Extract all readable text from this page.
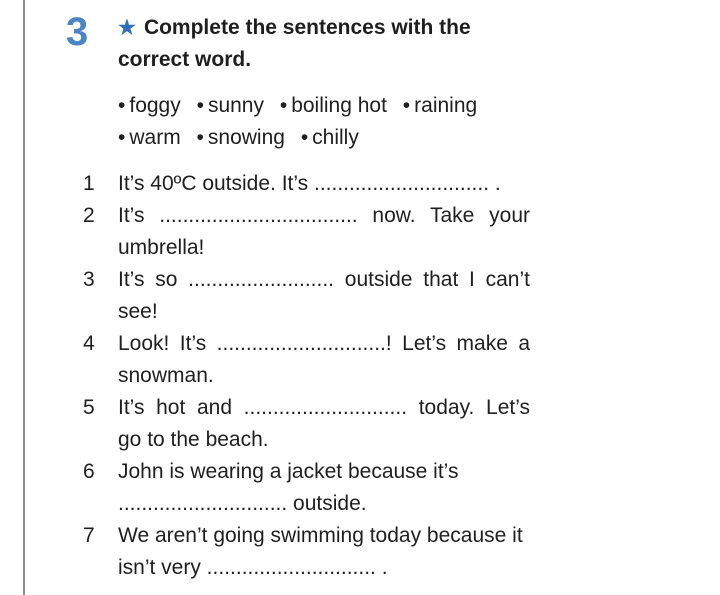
3 ★ Complete the sentences with the
correct word.
• foggy • sunny • boiling hot • raining
• warm • snowing • chilly
1	It’s 40ºC outside. It’s .............................. .
2	It’s .................................. now. Take your
umbrella!
3	It’s so ......................... outside that I can’t
see!
4	Look! It’s .............................! Let’s make a
snowman.
5	It’s hot and ............................ today. Let’s
go to the beach.
6	John is wearing a jacket because it’s
............................. outside.
7	We aren’t going swimming today because it
isn’t very ............................. .
